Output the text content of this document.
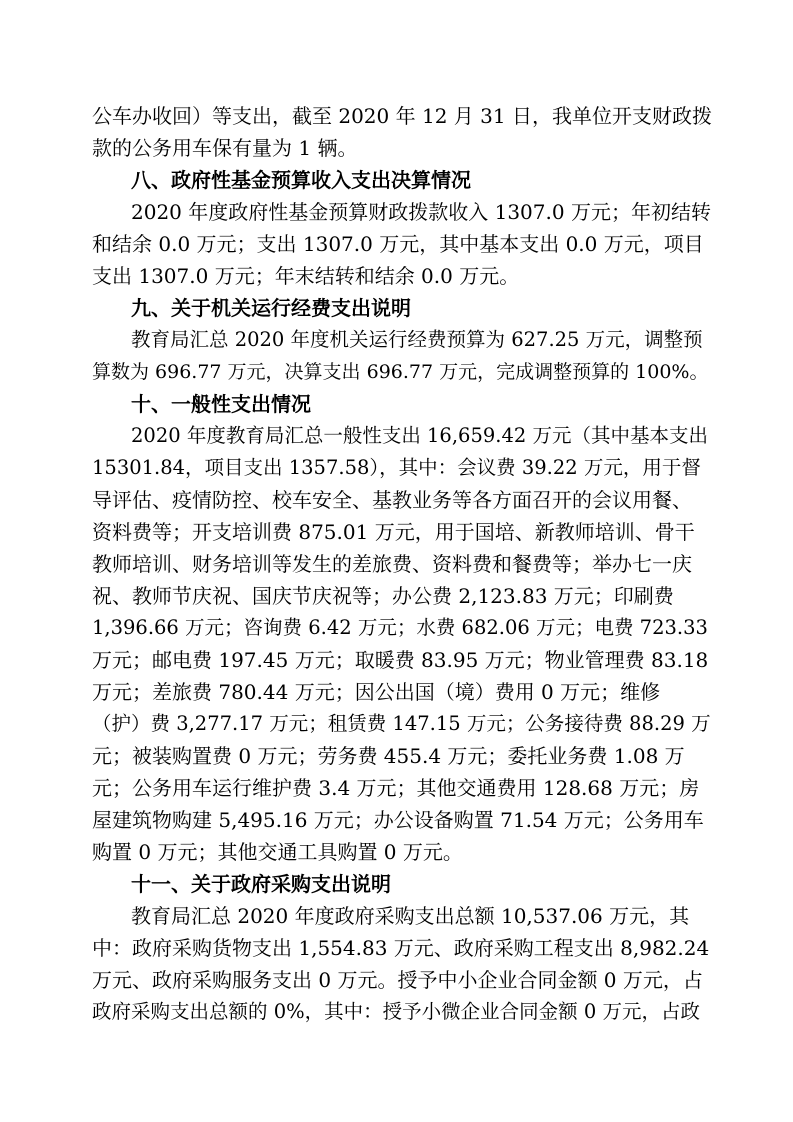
公车办收回）等支出，截至 2020 年 12 月 31 日，我单位开支财政拨
款的公务用车保有量为 1 辆。
八、政府性基金预算收入支出决算情况
2020 年度政府性基金预算财政拨款收入 1307.0 万元；年初结转
和结余 0.0 万元；支出 1307.0 万元，其中基本支出 0.0 万元，项目
支出 1307.0 万元；年末结转和结余 0.0 万元。
九、关于机关运行经费支出说明
教育局汇总 2020 年度机关运行经费预算为 627.25 万元，调整预
算数为 696.77 万元，决算支出 696.77 万元，完成调整预算的 100%。
十、一般性支出情况
2020 年度教育局汇总一般性支出 16,659.42 万元（其中基本支出
15301.84，项目支出 1357.58），其中：会议费 39.22 万元，用于督
导评估、疫情防控、校车安全、基教业务等各方面召开的会议用餐、
资料费等；开支培训费 875.01 万元，用于国培、新教师培训、骨干
教师培训、财务培训等发生的差旅费、资料费和餐费等；举办七一庆
祝、教师节庆祝、国庆节庆祝等；办公费 2,123.83 万元；印刷费
1,396.66 万元；咨询费 6.42 万元；水费 682.06 万元；电费 723.33
万元；邮电费 197.45 万元；取暖费 83.95 万元；物业管理费 83.18
万元；差旅费 780.44 万元；因公出国（境）费用 0 万元；维修
（护）费 3,277.17 万元；租赁费 147.15 万元；公务接待费 88.29 万
元；被装购置费 0 万元；劳务费 455.4 万元；委托业务费 1.08 万
元；公务用车运行维护费 3.4 万元；其他交通费用 128.68 万元；房
屋建筑物购建 5,495.16 万元；办公设备购置 71.54 万元；公务用车
购置 0 万元；其他交通工具购置 0 万元。
十一、关于政府采购支出说明
教育局汇总 2020 年度政府采购支出总额 10,537.06 万元，其
中：政府采购货物支出 1,554.83 万元、政府采购工程支出 8,982.24
万元、政府采购服务支出 0 万元。授予中小企业合同金额 0 万元，占
政府采购支出总额的 0%，其中：授予小微企业合同金额 0 万元，占政
